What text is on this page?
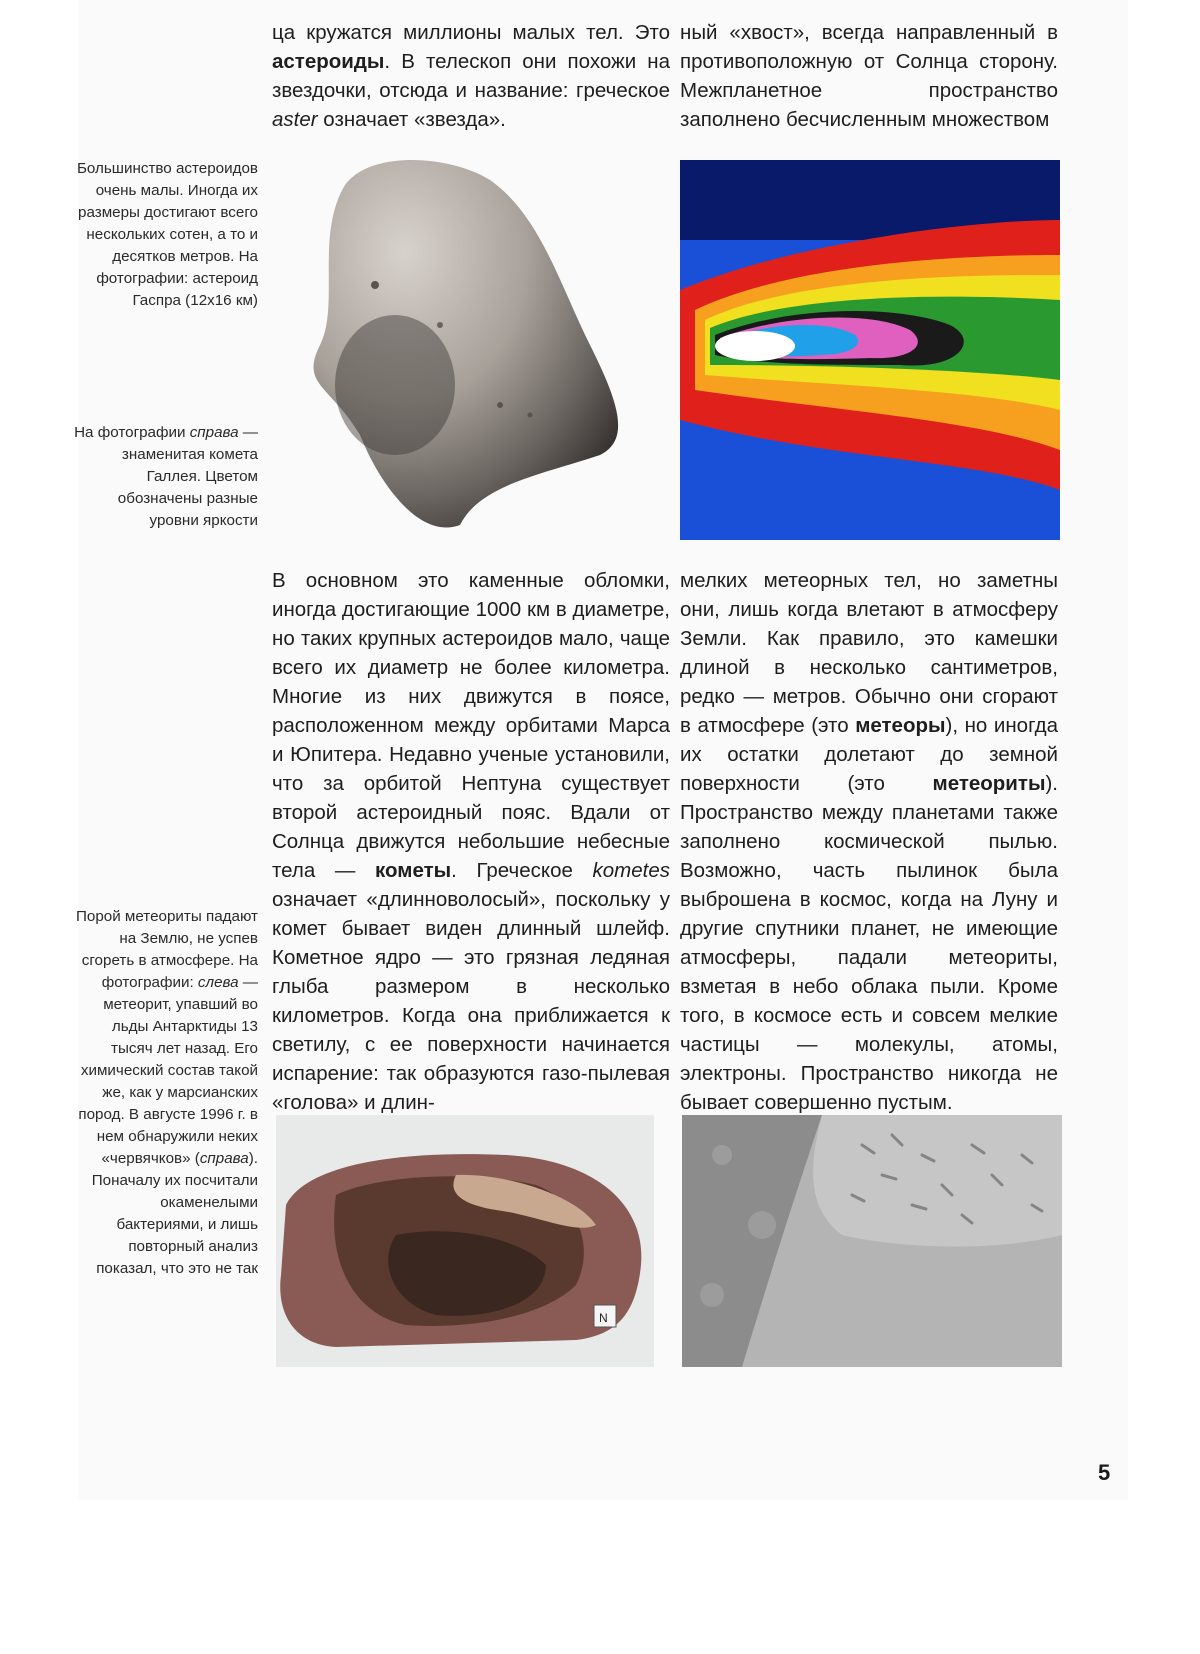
ца кружатся миллионы малых тел. Это астероиды. В телескоп они похожи на звездочки, отсюда и название: греческое aster означает «звезда».

ный «хвост», всегда направленный в противоположную от Солнца сторону. Межпланетное пространство заполнено бесчисленным множеством

Большинство астероидов очень малы. Иногда их размеры достигают всего нескольких сотен, а то и десятков метров. На фотографии: астероид Гаспра (12х16 км)

На фотографии справа — знаменитая комета Галлея. Цветом обозначены разные уровни яркости

Порой метеориты падают на Землю, не успев сгореть в атмосфере. На фотографии: слева — метеорит, упавший во льды Антарктиды 13 тысяч лет назад. Его химический состав такой же, как у марсианских пород. В августе 1996 г. в нем обнаружили неких «червячков» (справа). Поначалу их посчитали окаменелыми бактериями, и лишь повторный анализ показал, что это не так

В основном это каменные обломки, иногда достигающие 1000 км в диаметре, но таких крупных астероидов мало, чаще всего их диаметр не более километра. Многие из них движутся в поясе, расположенном между орбитами Марса и Юпитера. Недавно ученые установили, что за орбитой Нептуна существует второй астероидный пояс. Вдали от Солнца движутся небольшие небесные тела — кометы. Греческое kometes означает «длинноволосый», поскольку у комет бывает виден длинный шлейф. Кометное ядро — это грязная ледяная глыба размером в несколько километров. Когда она приближается к светилу, с ее поверхности начинается испарение: так образуются газо-пылевая «голова» и длин-

мелких метеорных тел, но заметны они, лишь когда влетают в атмосферу Земли. Как правило, это камешки длиной в несколько сантиметров, редко — метров. Обычно они сгорают в атмосфере (это метеоры), но иногда их остатки долетают до земной поверхности (это метеориты). Пространство между планетами также заполнено космической пылью. Возможно, часть пылинок была выброшена в космос, когда на Луну и другие спутники планет, не имеющие атмосферы, падали метеориты, взметая в небо облака пыли. Кроме того, в космосе есть и совсем мелкие частицы — молекулы, атомы, электроны. Пространство никогда не бывает совершенно пустым.

N
5
